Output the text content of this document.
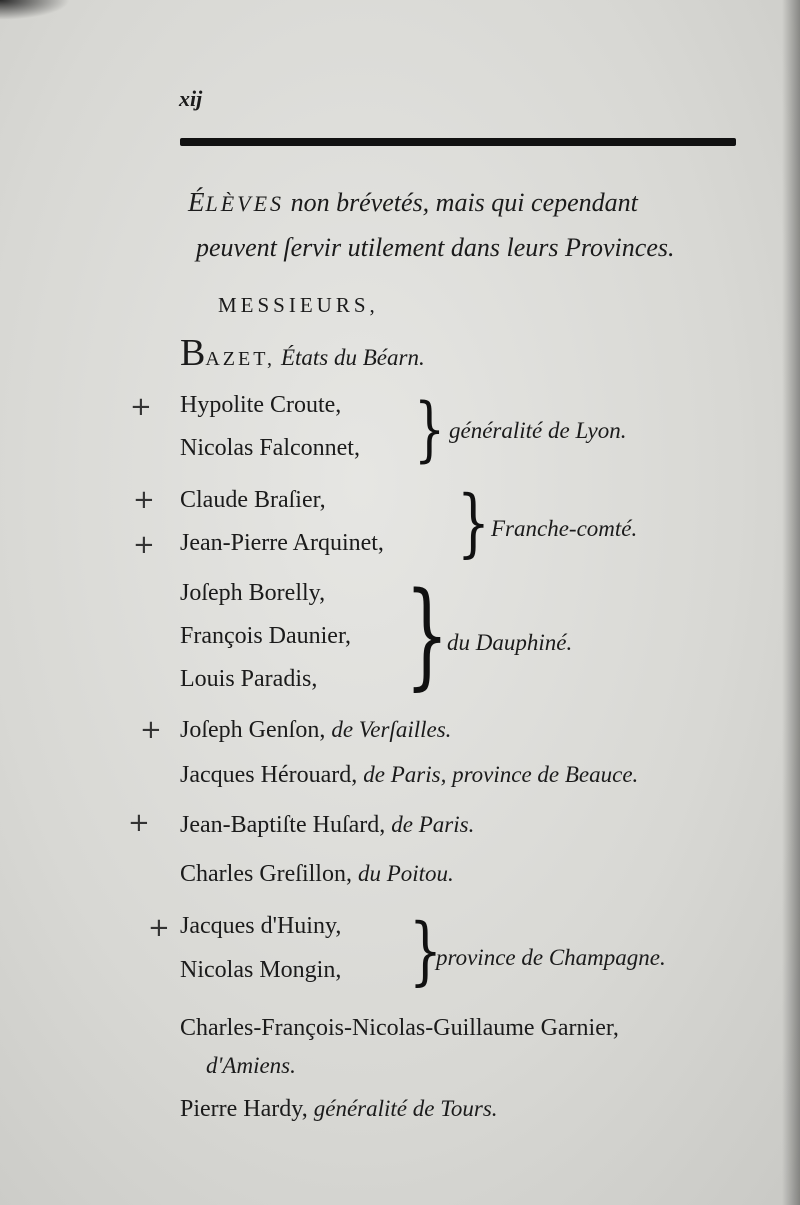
xij
ÉLÈVES non brévetés, mais qui cependant
peuvent ſervir utilement dans leurs Provinces.
MESSIEURS,
BAZET, États du Béarn.
+ Hypolite Croute,
Nicolas Falconnet, } généralité de Lyon.
+
+
Claude Braſier,
Jean-Pierre Arquinet, } Franche-comté.
Joſeph Borelly,
François Daunier,
Louis Paradis, }
du Dauphiné.
+ Joſeph Genſon, de Verſailles.
Jacques Hérouard, de Paris, province de Beauce.
+ Jean-Baptiſte Huſard, de Paris.
Charles Greſillon, du Poitou.
+ Jacques d'Huiny,
Nicolas Mongin, }
province de Champagne.
Charles-François-Nicolas-Guillaume Garnier,
d'Amiens.
Pierre Hardy, généralité de Tours.
